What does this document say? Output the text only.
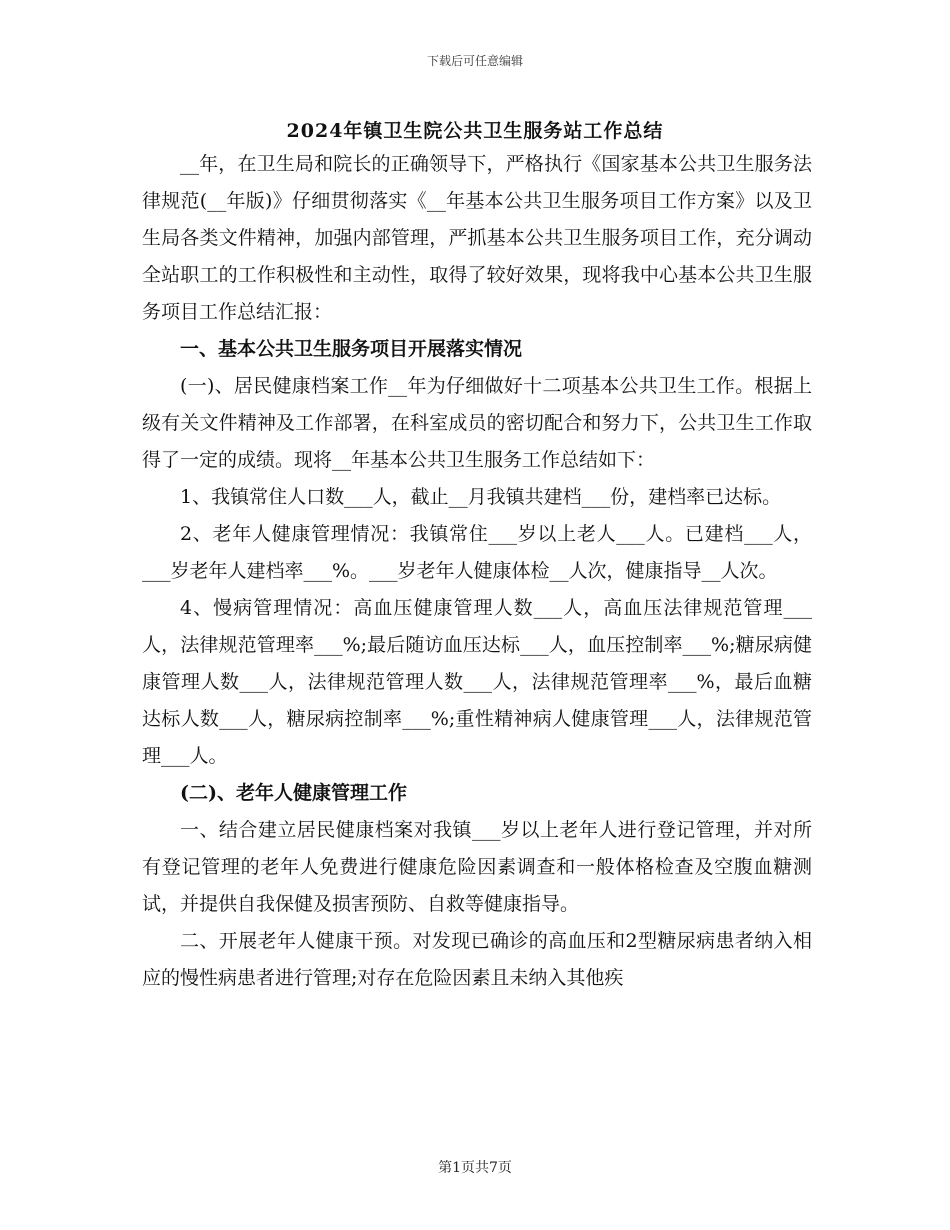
下载后可任意编辑
2024年镇卫生院公共卫生服务站工作总结

__年，在卫生局和院长的正确领导下，严格执行《国家基本公共卫生服务法律规范(__年版)》仔细贯彻落实《__年基本公共卫生服务项目工作方案》以及卫生局各类文件精神，加强内部管理，严抓基本公共卫生服务项目工作，充分调动全站职工的工作积极性和主动性，取得了较好效果，现将我中心基本公共卫生服务项目工作总结汇报：

一、基本公共卫生服务项目开展落实情况

(一)、居民健康档案工作__年为仔细做好十二项基本公共卫生工作。根据上级有关文件精神及工作部署，在科室成员的密切配合和努力下，公共卫生工作取得了一定的成绩。现将__年基本公共卫生服务工作总结如下：

1、我镇常住人口数___人，截止__月我镇共建档___份，建档率已达标。

2、老年人健康管理情况：我镇常住___岁以上老人___人。已建档___人，___岁老年人建档率___%。___岁老年人健康体检__人次，健康指导__人次。

4、慢病管理情况：高血压健康管理人数___人，高血压法律规范管理___人，法律规范管理率___%;最后随访血压达标___人，血压控制率___%;糖尿病健康管理人数___人，法律规范管理人数___人，法律规范管理率___%，最后血糖达标人数___人，糖尿病控制率___%;重性精神病人健康管理___人，法律规范管理___人。

(二)、老年人健康管理工作

一、结合建立居民健康档案对我镇___岁以上老年人进行登记管理，并对所有登记管理的老年人免费进行健康危险因素调查和一般体格检查及空腹血糖测试，并提供自我保健及损害预防、自救等健康指导。

二、开展老年人健康干预。对发现已确诊的高血压和2型糖尿病患者纳入相应的慢性病患者进行管理;对存在危险因素且未纳入其他疾

第1页共7页
